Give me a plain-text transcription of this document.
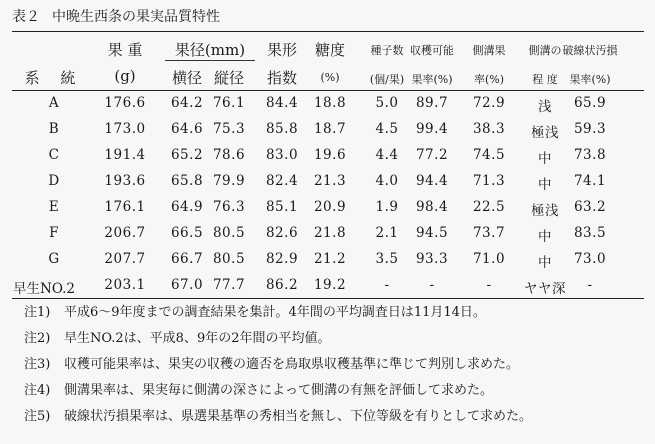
表２ 中晩生西条の果実品質特性
果 重 果径(mm) 果形 糖度 種子数 収穫可能 側溝果 側溝の 破線状汚損
系 統 (g) 横径 縦径 指数 (%)	(個/果) 果率(%) 率(%)	程 度 果率(%)
A	176.6 64.2 76.1 84.4 18.8 5.0 89.7 72.9 浅 65.9
B	173.0 64.6 75.3 85.8 18.7 4.5 99.4 38.3 極浅 59.3
C	191.4 65.2 78.6 83.0 19.6 4.4 77.2 74.5 中 73.8
D	193.6 65.8 79.9 82.4 21.3 4.0 94.4 71.3 中 74.1
E	176.1 64.9 76.3 85.1 20.9 1.9 98.4 22.5 極浅 63.2
F	206.7 66.5 80.5 82.6 21.8 2.1 94.5 73.7 中 83.5
G	207.7 66.7 80.5 82.9 21.2 3.5 93.3 71.0 中 73.0
早生NO.2 203.1 67.0 77.7 86.2 19.2	-	-	- ヤヤ深 -
注1) 平成6～9年度までの調査結果を集計。4年間の平均調査日は11月14日。
注2) 早生NO.2は、平成8、9年の2年間の平均値。
注3) 収穫可能果率は、果実の収穫の適否を鳥取県収穫基準に準じて判別し求めた。
注4) 側溝果率は、果実毎に側溝の深さによって側溝の有無を評価して求めた。
注5) 破線状汚損果率は、県選果基準の秀相当を無し、下位等級を有りとして求めた。
